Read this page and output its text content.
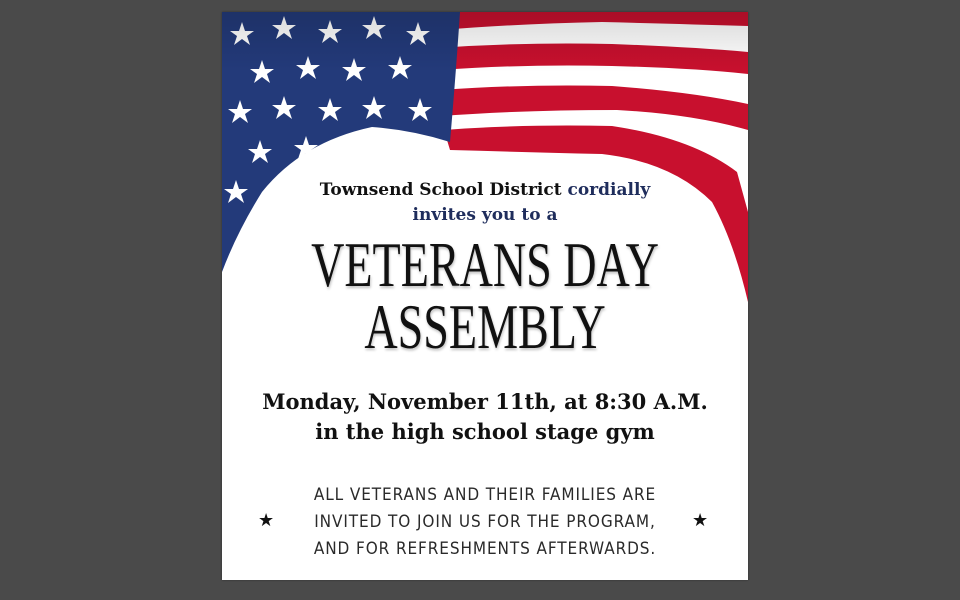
Townsend School District cordially
invites you to a
VETERANS DAY
ASSEMBLY
Monday, November 11th, at 8:30 A.M.
in the high school stage gym
★	★
ALL VETERANS AND THEIR FAMILIES ARE
INVITED TO JOIN US FOR THE PROGRAM,
AND FOR REFRESHMENTS AFTERWARDS.
